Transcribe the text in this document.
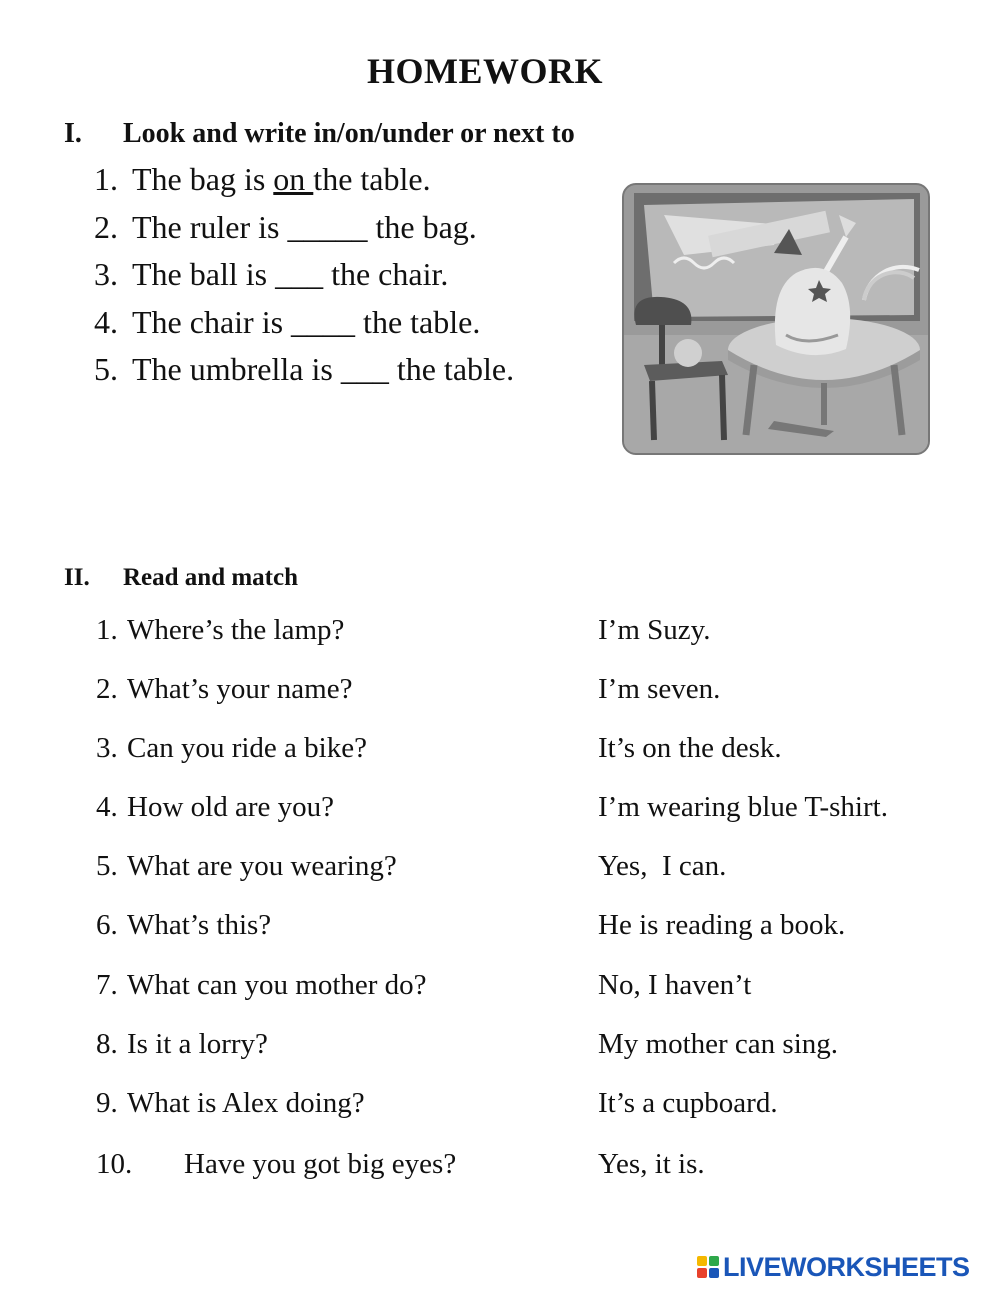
HOMEWORK
I. Look and write in/on/under or next to
1. The bag is on the table.
2. The ruler is _____ the bag.
3. The ball is ___ the chair.
4. The chair is ____ the table.
5. The umbrella is ___ the table.
II. Read and match
1. Where’s the lamp?
2. What’s your name?
3. Can you ride a bike?
4. How old are you?
5. What are you wearing?
6. What’s this?
7. What can you mother do?
8. Is it a lorry?
9. What is Alex doing?
10. Have you got big eyes?
I’m Suzy.
I’m seven.
It’s on the desk.
I’m wearing blue T-shirt.
Yes,  I can.
He is reading a book.
No, I haven’t
My mother can sing.
It’s a cupboard.
Yes, it is.
LIVEWORKSHEETS
